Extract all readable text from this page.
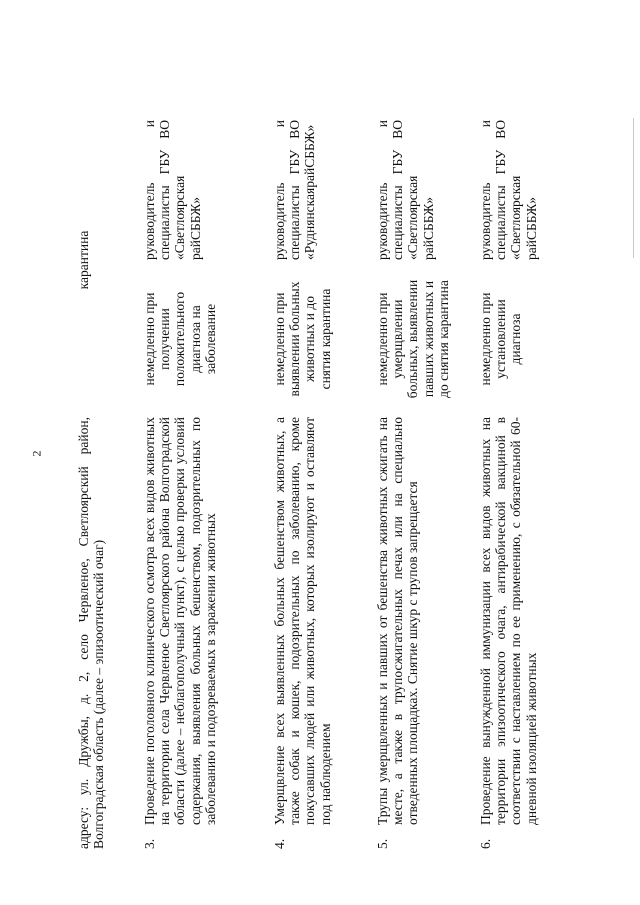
2 адресу: ул. Дружбы, д. 2, село Червленое, Светлоярский район, Волгоградская область (далее – эпизоотический очаг)

карантина

3.

Проведение поголовного клинического осмотра всех видов животных на территории села Червленое Светлоярского района Волгоградской области (далее – неблагополучный пункт), с целью проверки условий содержания, выявления больных бешенством, подозрительных по заболеванию и подозреваемых в заражении животных

немедленно при получении положительного диагноза на заболевание

руководитель и специалисты ГБУ ВО «Светлоярская райСББЖ»

4.

Умерщвление всех выявленных больных бешенством животных, а также собак и кошек, подозрительных по заболеванию, кроме покусавших людей или животных, которых изолируют и оставляют под наблюдением

немедленно при выявлении больных животных и до снятия карантина

руководитель и специалисты ГБУ ВО «РуднянскаярайСББЖ»

5.

Трупы умерщвленных и павших от бешенства животных сжигать на месте, а также в трупосжигательных печах или на специально отведенных площадках. Снятие шкур с трупов запрещается

немедленно при умерщвлении больных, выявлении павших животных и до снятия карантина

руководитель и специалисты ГБУ ВО «Светлоярская райСББЖ»

6.

Проведение вынужденной иммунизации всех видов животных на территории эпизоотического очага, антирабической вакциной в соответствии с наставлением по ее применению, с обязательной 60-дневной изоляцией животных

немедленно при установлении диагноза

руководитель и специалисты ГБУ ВО «Светлоярская райСББЖ»
